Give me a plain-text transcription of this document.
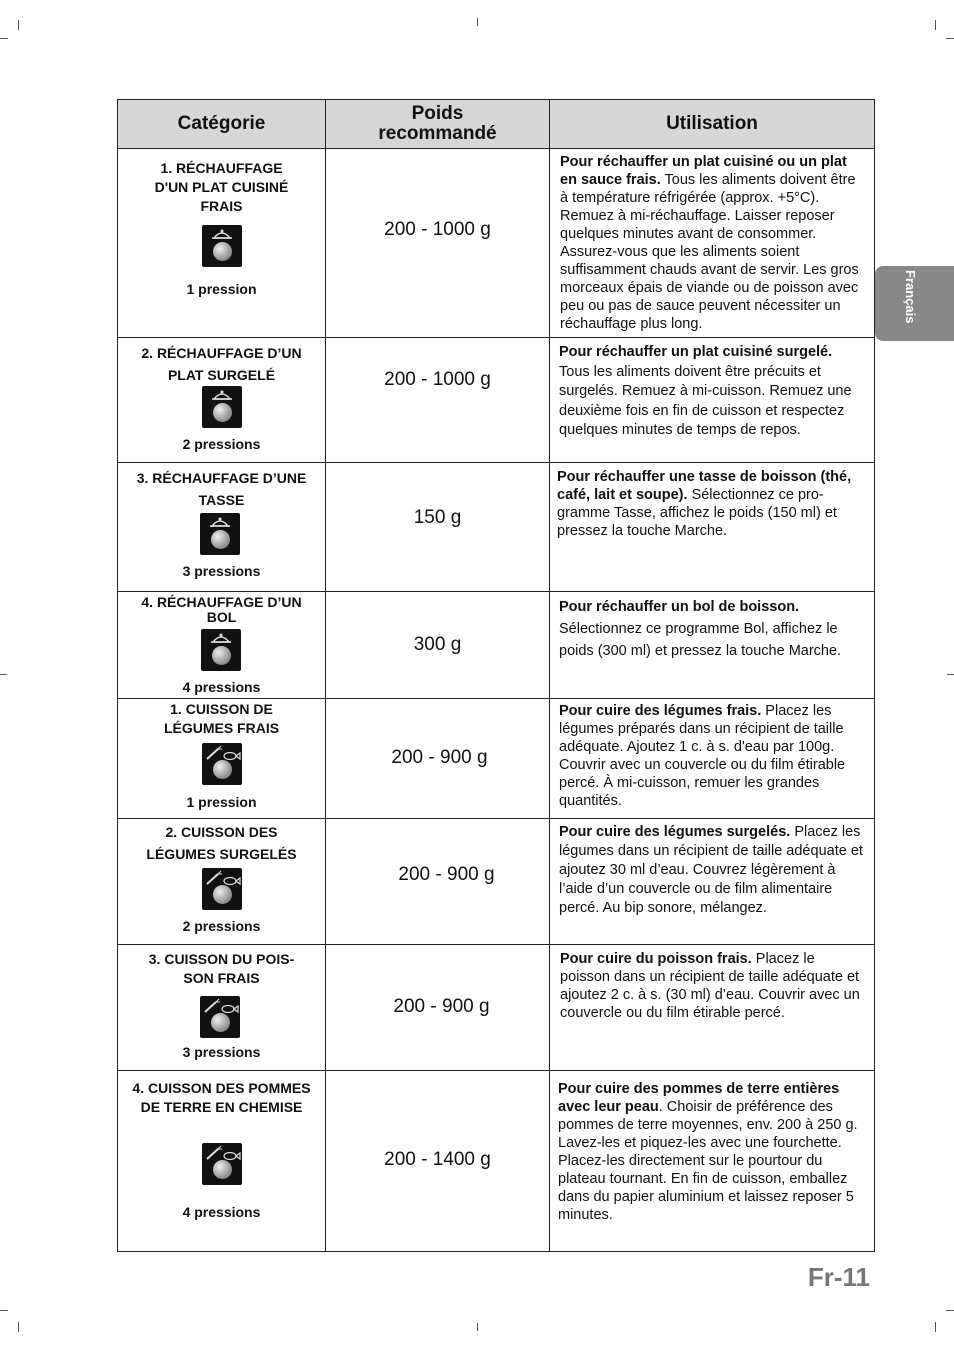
Catégorie	Poids recommandé	Utilisation
1. RÉCHAUFFAGE D'UN PLAT CUISINÉ FRAIS
1 pression
200 - 1000 g
Pour réchauffer un plat cuisiné ou un plat en sauce frais. Tous les aliments doivent être à température réfrigérée (approx. +5°C). Remuez à mi-réchauffage. Laisser reposer quelques minutes avant de consommer. Assurez-vous que les aliments soient suffisamment chauds avant de servir. Les gros morceaux épais de viande ou de poisson avec peu ou pas de sauce peuvent nécessiter un réchauffage plus long.
2. RÉCHAUFFAGE D’UN PLAT SURGELÉ
2 pressions
200 - 1000 g
Pour réchauffer un plat cuisiné surgelé. Tous les aliments doivent être précuits et surgelés. Remuez à mi-cuisson. Remuez une deuxième fois en fin de cuisson et respectez quelques minutes de temps de repos.
3. RÉCHAUFFAGE D’UNE TASSE
3 pressions
150 g
Pour réchauffer une tasse de boisson (thé, café, lait et soupe). Sélectionnez ce pro-gramme Tasse, affichez le poids (150 ml) et pressez la touche Marche.
4. RÉCHAUFFAGE D’UN BOL
4 pressions
300 g
Pour réchauffer un bol de boisson. Sélectionnez ce programme Bol, affichez le poids (300 ml) et pressez la touche Marche.
1. CUISSON DE LÉGUMES FRAIS
1 pression
200 - 900 g
Pour cuire des légumes frais. Placez les légumes préparés dans un récipient de taille adéquate. Ajoutez 1 c. à s. d'eau par 100g. Couvrir avec un couvercle ou du film étirable percé. À mi-cuisson, remuer les grandes quantités.
2. CUISSON DES LÉGUMES SURGELÉS
2 pressions
200 - 900 g
Pour cuire des légumes surgelés. Placez les légumes dans un récipient de taille adéquate et ajoutez 30 ml d’eau. Couvrez légèrement à l’aide d’un couvercle ou de film alimentaire percé. Au bip sonore, mélangez.
3. CUISSON DU POIS-SON FRAIS
3 pressions
200 - 900 g
Pour cuire du poisson frais. Placez le poisson dans un récipient de taille adéquate et ajoutez 2 c. à s. (30 ml) d’eau. Couvrir avec un couvercle ou du film étirable percé.
4. CUISSON DES POMMES DE TERRE EN CHEMISE
4 pressions
200 - 1400 g
Pour cuire des pommes de terre entières avec leur peau. Choisir de préférence des pommes de terre moyennes, env. 200 à 250 g. Lavez-les et piquez-les avec une fourchette. Placez-les directement sur le pourtour du plateau tournant. En fin de cuisson, emballez dans du papier aluminium et laissez reposer 5 minutes.
Français
Fr-11
